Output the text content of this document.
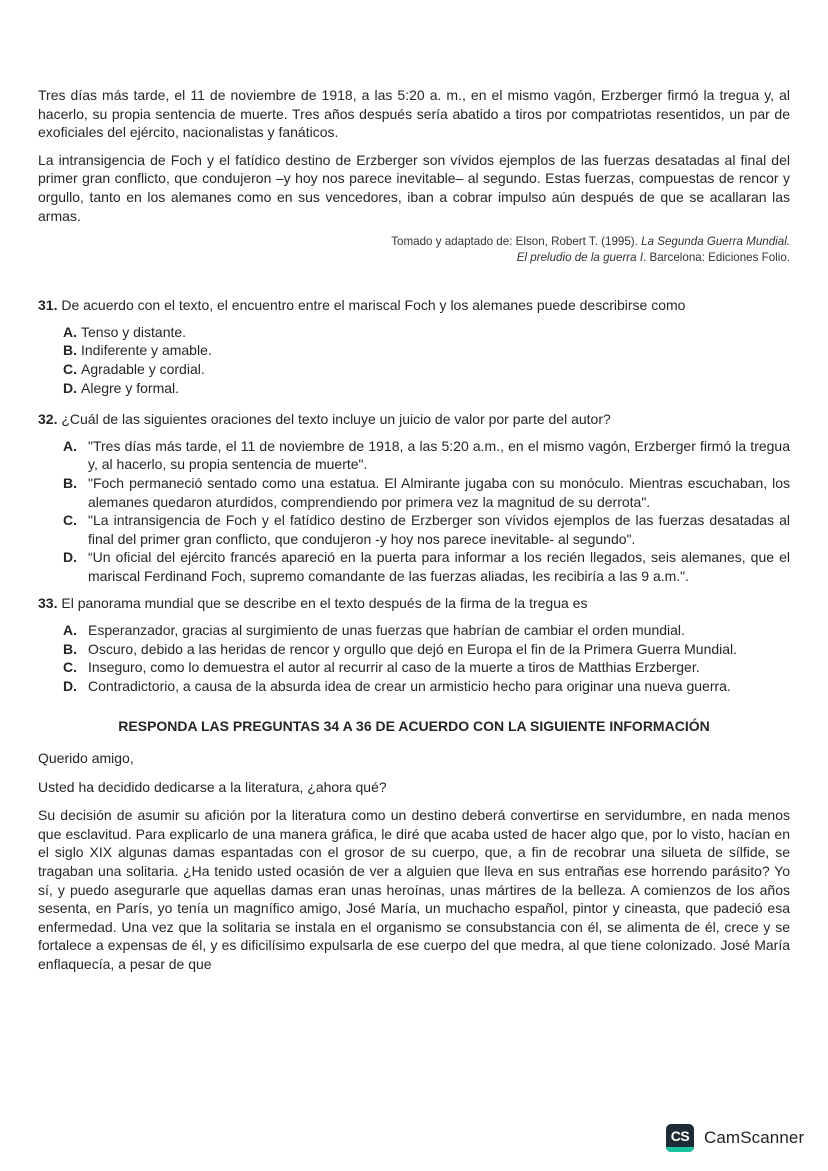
Tres días más tarde, el 11 de noviembre de 1918, a las 5:20 a. m., en el mismo vagón, Erzberger firmó la tregua y, al hacerlo, su propia sentencia de muerte. Tres años después sería abatido a tiros por compatriotas resentidos, un par de exoficiales del ejército, nacionalistas y fanáticos.

La intransigencia de Foch y el fatídico destino de Erzberger son vívidos ejemplos de las fuerzas desatadas al final del primer gran conflicto, que condujeron –y hoy nos parece inevitable– al segundo. Estas fuerzas, compuestas de rencor y orgullo, tanto en los alemanes como en sus vencedores, iban a cobrar impulso aún después de que se acallaran las armas.

Tomado y adaptado de: Elson, Robert T. (1995). La Segunda Guerra Mundial.
El preludio de la guerra I. Barcelona: Ediciones Folio.

31. De acuerdo con el texto, el encuentro entre el mariscal Foch y los alemanes puede describirse como

A. Tenso y distante.
B. Indiferente y amable.
C. Agradable y cordial.
D. Alegre y formal.

32. ¿Cuál de las siguientes oraciones del texto incluye un juicio de valor por parte del autor?

A. "Tres días más tarde, el 11 de noviembre de 1918, a las 5:20 a.m., en el mismo vagón, Erzberger firmó la tregua y, al hacerlo, su propia sentencia de muerte".
B. "Foch permaneció sentado como una estatua. El Almirante jugaba con su monóculo. Mientras escuchaban, los alemanes quedaron aturdidos, comprendiendo por primera vez la magnitud de su derrota".
C. "La intransigencia de Foch y el fatídico destino de Erzberger son vívidos ejemplos de las fuerzas desatadas al final del primer gran conflicto, que condujeron -y hoy nos parece inevitable- al segundo".
D. “Un oficial del ejército francés apareció en la puerta para informar a los recién llegados, seis alemanes, que el mariscal Ferdinand Foch, supremo comandante de las fuerzas aliadas, les recibiría a las 9 a.m.".

33. El panorama mundial que se describe en el texto después de la firma de la tregua es

A. Esperanzador, gracias al surgimiento de unas fuerzas que habrían de cambiar el orden mundial.
B. Oscuro, debido a las heridas de rencor y orgullo que dejó en Europa el fin de la Primera Guerra Mundial.
C. Inseguro, como lo demuestra el autor al recurrir al caso de la muerte a tiros de Matthias Erzberger.
D. Contradictorio, a causa de la absurda idea de crear un armisticio hecho para originar una nueva guerra.
RESPONDA LAS PREGUNTAS 34 A 36 DE ACUERDO CON LA SIGUIENTE INFORMACIÓN

Querido amigo,

Usted ha decidido dedicarse a la literatura, ¿ahora qué?

Su decisión de asumir su afición por la literatura como un destino deberá convertirse en servidumbre, en nada menos que esclavitud. Para explicarlo de una manera gráfica, le diré que acaba usted de hacer algo que, por lo visto, hacían en el siglo XIX algunas damas espantadas con el grosor de su cuerpo, que, a fin de recobrar una silueta de sílfide, se tragaban una solitaria. ¿Ha tenido usted ocasión de ver a alguien que lleva en sus entrañas ese horrendo parásito? Yo sí, y puedo asegurarle que aquellas damas eran unas heroínas, unas mártires de la belleza. A comienzos de los años sesenta, en París, yo tenía un magnífico amigo, José María, un muchacho español, pintor y cineasta, que padeció esa enfermedad. Una vez que la solitaria se instala en el organismo se consubstancia con él, se alimenta de él, crece y se fortalece a expensas de él, y es dificilísimo expulsarla de ese cuerpo del que medra, al que tiene colonizado. José María enflaquecía, a pesar de que

CS CamScanner
